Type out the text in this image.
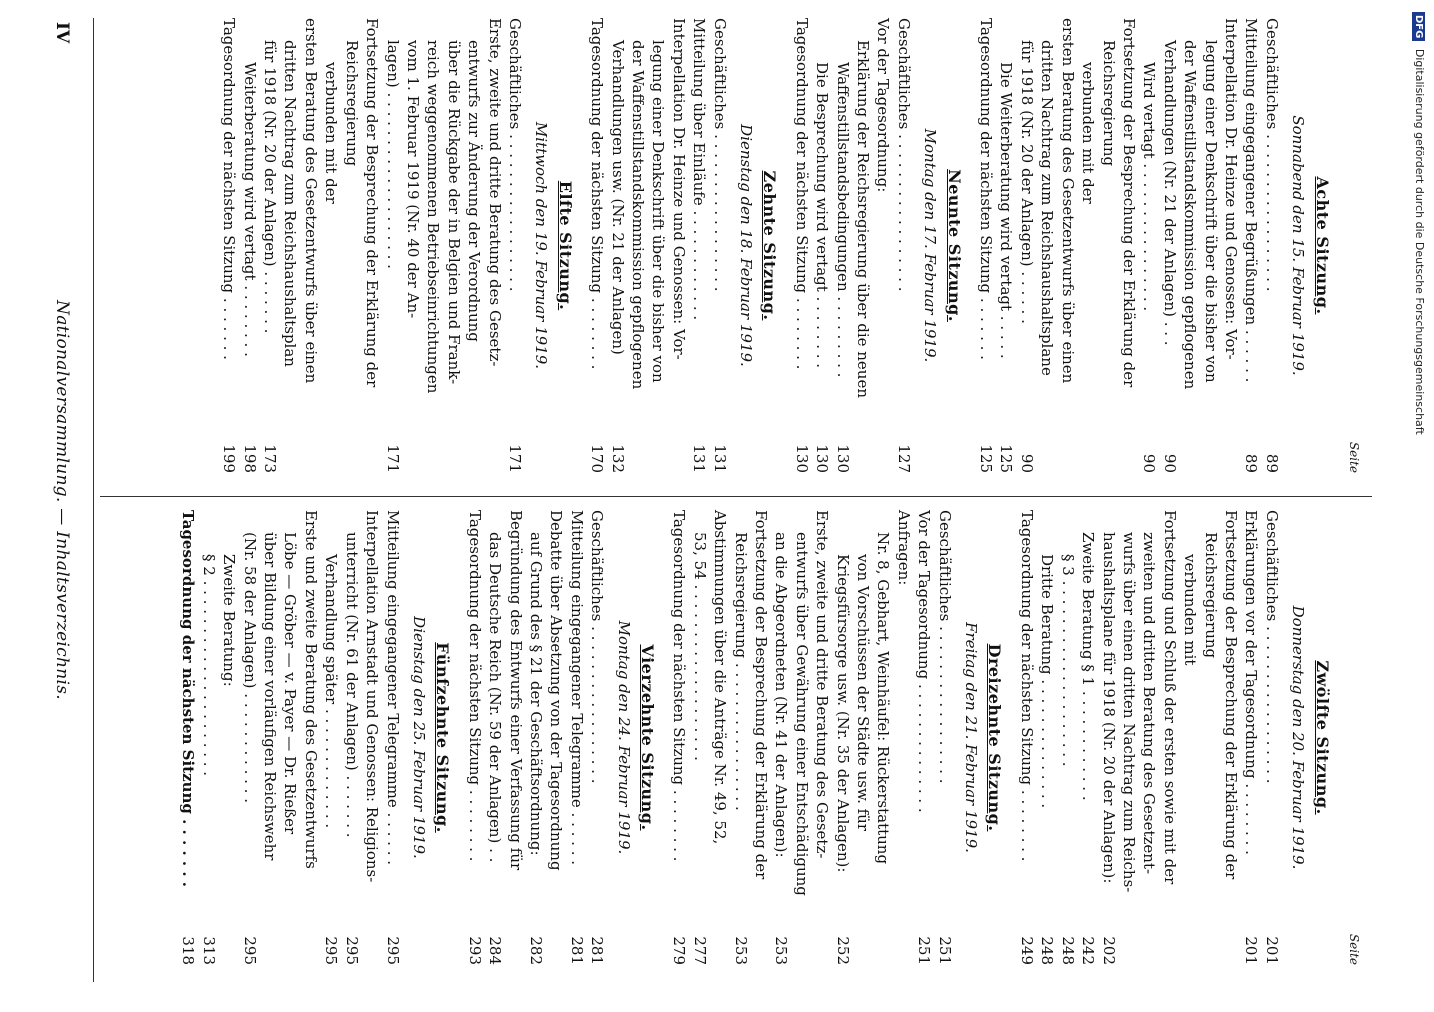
IV
Nationalversammlung. — Inhaltsverzeichnis.	Seite
Achte Sitzung.
Sonnabend den 15. Februar 1919.
Geschäftliches . . . . . . . . . . . . . . . . .
89
Mitteilung eingegangener Begrüßungen . . . . . .
89
Interpellation Dr. Heinze und Genossen: Vor-
legung einer Denkschrift über die bisher von
der Waffenstillstandskommission gepflogenen
Verhandlungen (Nr. 21 der Anlagen) . . .
90
Wird vertagt . . . . . . . . . . . . . . . .
90
Fortsetzung der Besprechung der Erklärung der
Reichsregierung
verbunden mit der
ersten Beratung des Gesetzentwurfs über einen
dritten Nachtrag zum Reichshaushaltsplane
für 1918 (Nr. 20 der Anlagen) . . . . . .
90
Die Weiterberatung wird vertagt . . . . .
125
Tagesordnung der nächsten Sitzung . . . . . . .
125
Neunte Sitzung.
Montag den 17. Februar 1919.
Geschäftliches . . . . . . . . . . . . . . . . .
127
Vor der Tagesordnung:
Erklärung der Reichsregierung über die neuen
Waffenstillstandsbedingungen . . . . . . . . .
130
Die Besprechung wird vertagt . . . . . . . .
130
Tagesordnung der nächsten Sitzung . . . . . . . .
130
Zehnte Sitzung.
Dienstag den 18. Februar 1919.
Geschäftliches . . . . . . . . . . . . . . . . .
131
Mitteilung über Einläufe . . . . . . . . . . . .
131
Interpellation Dr. Heinze und Genossen: Vor-
legung einer Denkschrift über die bisher von
der Waffenstillstandskommission gepflogenen
Verhandlungen usw. (Nr. 21 der Anlagen)
132
Tagesordnung der nächsten Sitzung . . . . . . . .
170
Elfte Sitzung.
Mittwoch den 19. Februar 1919.
Geschäftliches . . . . . . . . . . . . . . . . .
171
Erste, zweite und dritte Beratung des Gesetz-
entwurfs zur Änderung der Verordnung
über die Rückgabe der in Belgien und Frank-
reich weggenommenen Betriebseinrichtungen
vom 1. Februar 1919 (Nr. 40 der An-
lagen) . . . . . . . . . . . . . . . . . . .
171
Fortsetzung der Besprechung der Erklärung der
Reichsregierung
verbunden mit der
ersten Beratung des Gesetzentwurfs über einen
dritten Nachtrag zum Reichshaushaltsplan
für 1918 (Nr. 20 der Anlagen) . . . . . . .
173
Weiterberatung wird vertagt . . . . . . . .
198
Tagesordnung der nächsten Sitzung . . . . . . .
199
Seite
Zwölfte Sitzung.
Donnerstag den 20. Februar 1919.
Geschäftliches . . . . . . . . . . . . . . . . .
201
Erklärungen vor der Tagesordnung . . . . . . . .
201
Fortsetzung der Besprechung der Erklärung der
Reichsregierung
verbunden mit
Fortsetzung und Schluß der ersten sowie mit der
zweiten und dritten Beratung des Gesetzent-
wurfs über einen dritten Nachtrag zum Reichs-
haushaltsplane für 1918 (Nr. 20 der Anlagen):
202
Zweite Beratung § 1 . . . . . . . . . . . .
242
§ 3 . . . . . . . . . . . . . . . . . . . .
248
Dritte Beratung . . . . . . . . . . . . . .
248
Tagesordnung der nächsten Sitzung . . . . . . . .
249
Dreizehnte Sitzung.
Freitag den 21. Februar 1919.
Geschäftliches . . . . . . . . . . . . . . . . .
251
Vor der Tagesordnung . . . . . . . . . . . . . .
251
Anfragen:
Nr. 8, Gebhart, Weinhäufel: Rückerstattung
von Vorschüssen der Städte usw. für
Kriegsfürsorge usw. (Nr. 35 der Anlagen):
252
Erste, zweite und dritte Beratung des Gesetz-
entwurfs über Gewährung einer Entschädigung
an die Abgeordneten (Nr. 41 der Anlagen):
253
Fortsetzung der Besprechung der Erklärung der
Reichsregierung . . . . . . . . . . . . . . . .
253
Abstimmungen über die Anträge Nr. 49, 52,
53, 54 . . . . . . . . . . . . . . . . . . .
277
Tagesordnung der nächsten Sitzung . . . . . . . .
279
Vierzehnte Sitzung.
Montag den 24. Februar 1919.
Geschäftliches . . . . . . . . . . . . . . . . .
281
Mitteilung eingegangener Telegramme . . . . . .
281
Debatte über Absetzung von der Tagesordnung
auf Grund des § 21 der Geschäftsordnung:
282
Begründung des Entwurfs einer Verfassung für
das Deutsche Reich (Nr. 59 der Anlagen) . .
284
Tagesordnung der nächsten Sitzung . . . . . . . .
293
Fünfzehnte Sitzung.
Dienstag den 25. Februar 1919.
Mitteilung eingegangener Telegramme . . . . . .
295
Interpellation Arnstadt und Genossen: Religions-
unterricht (Nr. 61 der Anlagen) . . . . . . .
295
Verhandlung später . . . . . . . . . . . . .
295
Erste und zweite Beratung des Gesetzentwurfs
Löbe — Gröber — v. Payer — Dr. Rießer
über Bildung einer vorläufigen Reichswehr
(Nr. 58 der Anlagen) . . . . . . . . . . . .
295
Zweite Beratung:
§ 2 . . . . . . . . . . . . . . . . . . . . .
313
Tagesordnung der nächsten Sitzung . . . . . . .
318
DFG Digitalisierung gefördert durch die Deutsche Forschungsgemeinschaft
